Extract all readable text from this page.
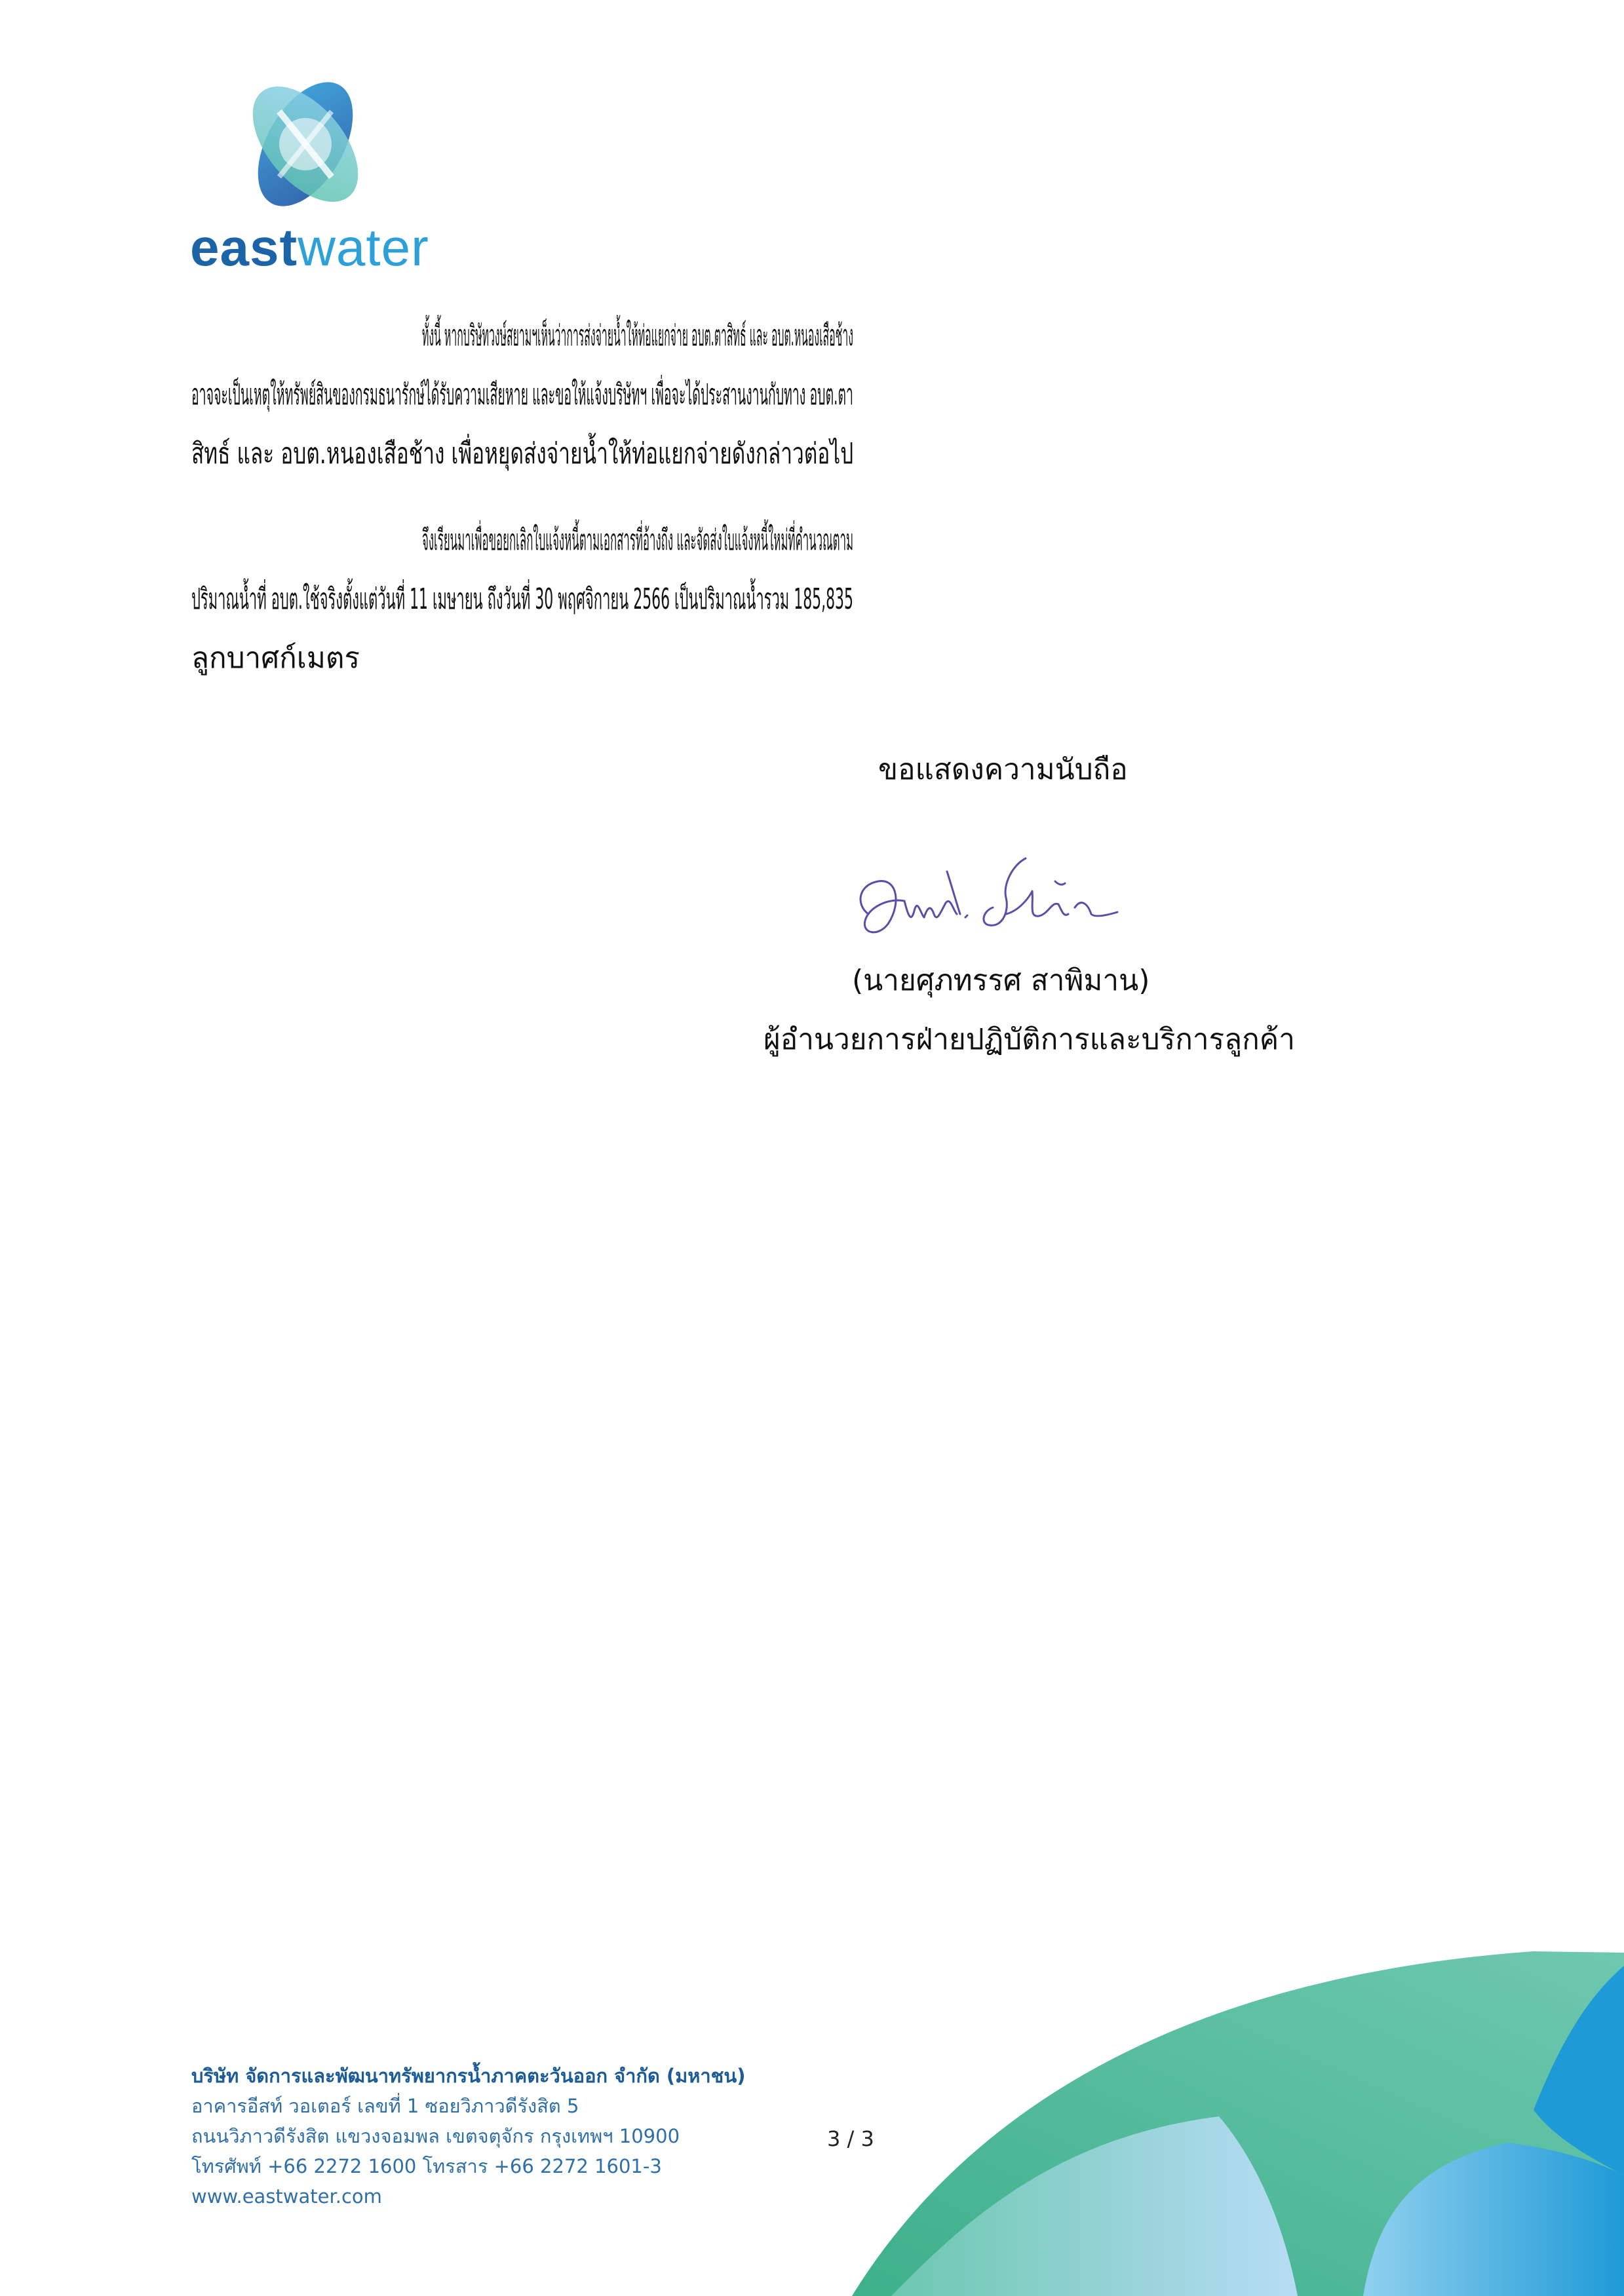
eastwater
ทั้งนี้ หากบริษัทวงษ์สยามฯเห็นว่าการส่งจ่ายน้ำให้ท่อแยกจ่าย อบต.ตาสิทธ์ และ อบต.หนองเสือช้าง
อาจจะเป็นเหตุให้ทรัพย์สินของกรมธนารักษ์ได้รับความเสียหาย และขอให้แจ้งบริษัทฯ เพื่อจะได้ประสานงานกับทาง อบต.ตา
สิทธ์ และ อบต.หนองเสือช้าง เพื่อหยุดส่งจ่ายน้ำให้ท่อแยกจ่ายดังกล่าวต่อไป
จึงเรียนมาเพื่อขอยกเลิกใบแจ้งหนี้ตามเอกสารที่อ้างถึง และจัดส่งใบแจ้งหนี้ใหม่ที่คำนวณตาม
ปริมาณน้ำที่ อบต.ใช้จริงตั้งแต่วันที่ 11 เมษายน ถึงวันที่ 30 พฤศจิกายน 2566 เป็นปริมาณน้ำรวม 185,835
ลูกบาศก์เมตร
ขอแสดงความนับถือ
(นายศุภทรรศ สาพิมาน)
ผู้อำนวยการฝ่ายปฏิบัติการและบริการลูกค้า
บริษัท จัดการและพัฒนาทรัพยากรน้ำภาคตะวันออก จำกัด (มหาชน)
อาคารอีสท์ วอเตอร์ เลขที่ 1 ซอยวิภาวดีรังสิต 5
ถนนวิภาวดีรังสิต แขวงจอมพล เขตจตุจักร กรุงเทพฯ 10900
โทรศัพท์ +66 2272 1600 โทรสาร +66 2272 1601-3
www.eastwater.com
3 / 3
